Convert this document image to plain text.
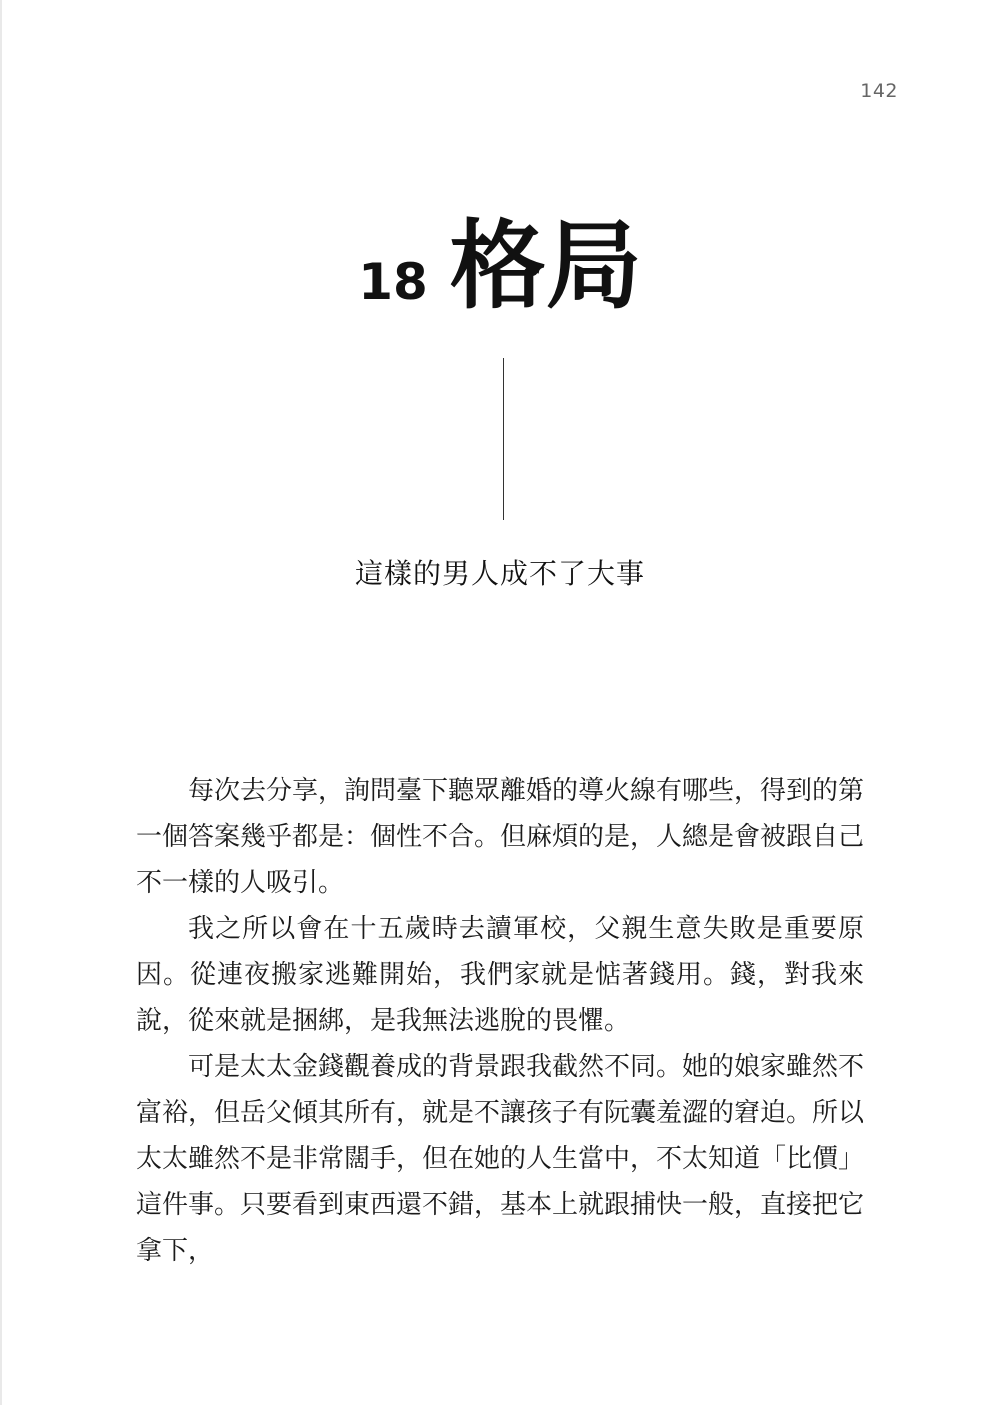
142
18 格局
這樣的男人成不了大事

每次去分享，詢問臺下聽眾離婚的導火線有哪些，得到的第一個答案幾乎都是：個性不合。但麻煩的是，人總是會被跟自己不一樣的人吸引。

我之所以會在十五歲時去讀軍校，父親生意失敗是重要原因。從連夜搬家逃難開始，我們家就是惦著錢用。錢，對我來說，從來就是捆綁，是我無法逃脫的畏懼。

可是太太金錢觀養成的背景跟我截然不同。她的娘家雖然不富裕，但岳父傾其所有，就是不讓孩子有阮囊羞澀的窘迫。所以太太雖然不是非常闊手，但在她的人生當中，不太知道「比價」這件事。只要看到東西還不錯，基本上就跟捕快一般，直接把它拿下，
